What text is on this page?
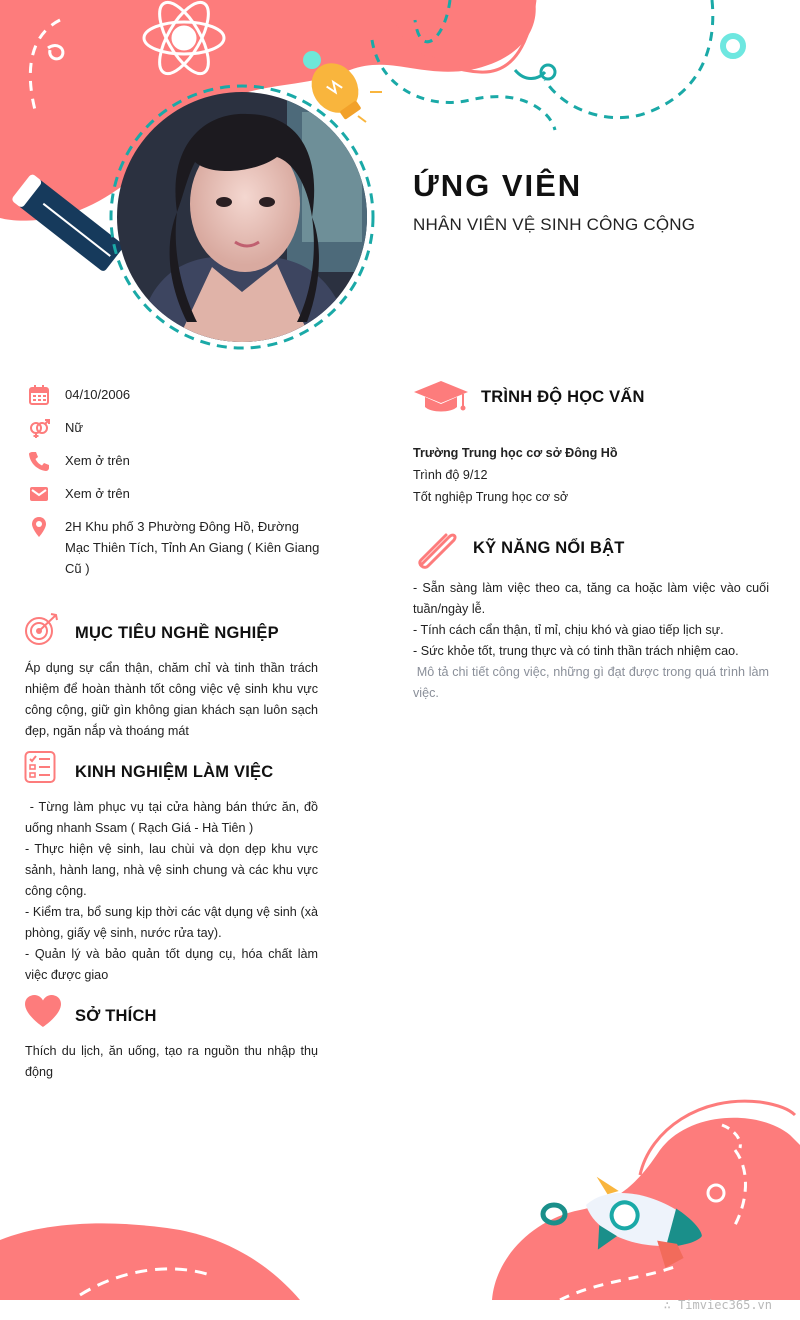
ỨNG VIÊN
NHÂN VIÊN VỆ SINH CÔNG CỘNG
04/10/2006
Nữ
Xem ở trên
Xem ở trên
2H Khu phố 3 Phường Đông Hồ, Đường Mạc Thiên Tích, Tỉnh An Giang ( Kiên Giang Cũ )
MỤC TIÊU NGHỀ NGHIỆP
Áp dụng sự cẩn thận, chăm chỉ và tinh thần trách nhiệm để hoàn thành tốt công việc vệ sinh khu vực công cộng, giữ gìn không gian khách sạn luôn sạch đẹp, ngăn nắp và thoáng mát
KINH NGHIỆM LÀM VIỆC
- Từng làm phục vụ tại cửa hàng bán thức ăn, đồ uống nhanh Ssam ( Rạch Giá - Hà Tiên )
- Thực hiện vệ sinh, lau chùi và dọn dẹp khu vực sảnh, hành lang, nhà vệ sinh chung và các khu vực công cộng.
- Kiểm tra, bổ sung kịp thời các vật dụng vệ sinh (xà phòng, giấy vệ sinh, nước rửa tay).
- Quản lý và bảo quản tốt dụng cụ, hóa chất làm việc được giao
SỞ THÍCH
Thích du lịch, ăn uống, tạo ra nguồn thu nhập thụ động
TRÌNH ĐỘ HỌC VẤN
Trường Trung học cơ sở Đông Hồ
Trình độ 9/12
Tốt nghiệp Trung học cơ sở
KỸ NĂNG NỔI BẬT
- Sẵn sàng làm việc theo ca, tăng ca hoặc làm việc vào cuối tuần/ngày lễ.
- Tính cách cẩn thận, tỉ mỉ, chịu khó và giao tiếp lịch sự.
- Sức khỏe tốt, trung thực và có tinh thần trách nhiệm cao.
Mô tả chi tiết công việc, những gì đạt được trong quá trình làm việc.
∴ Timviec365.vn
